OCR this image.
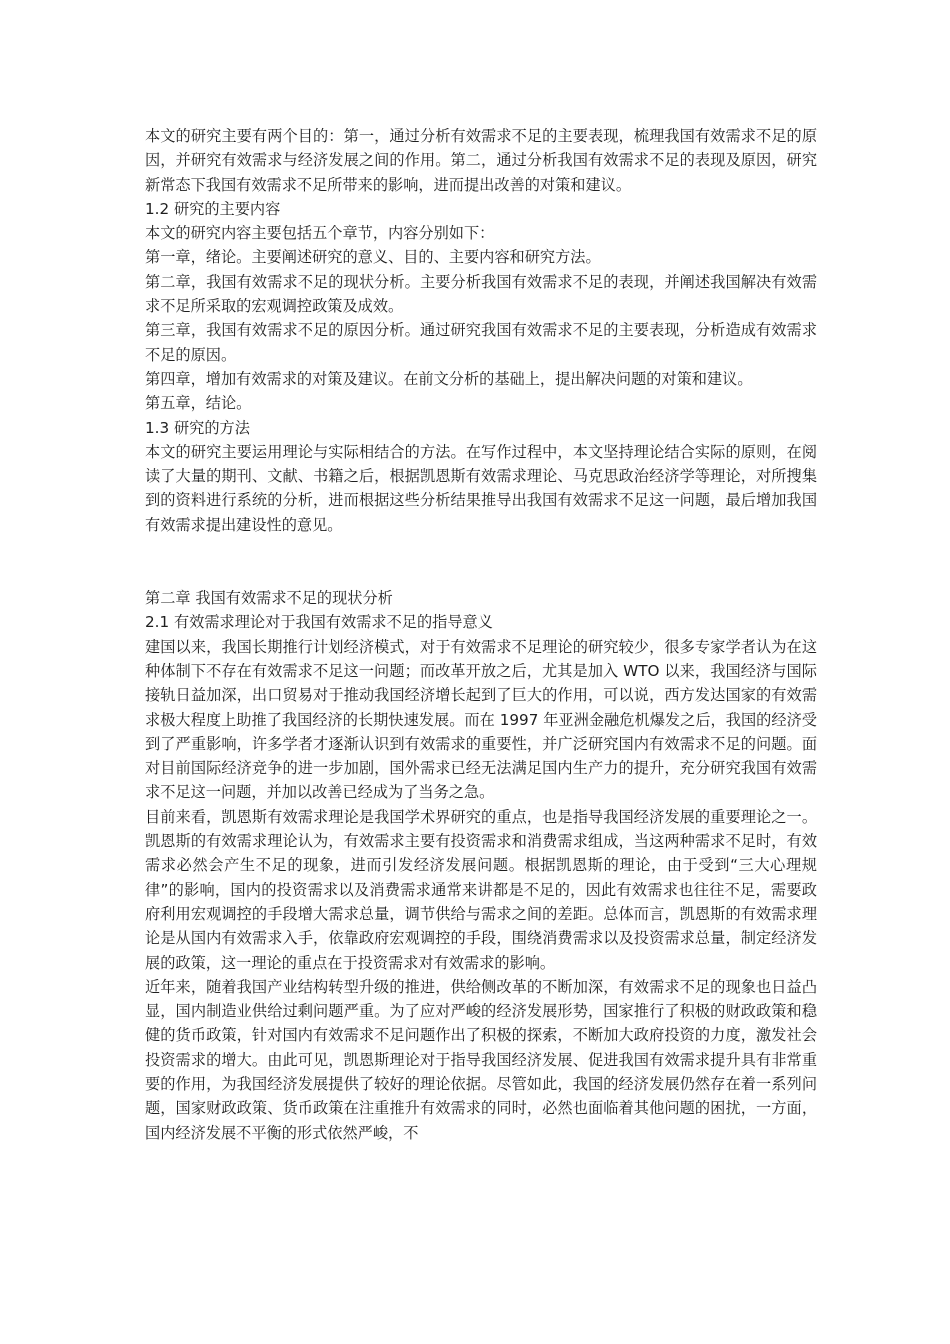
本文的研究主要有两个目的：第一，通过分析有效需求不足的主要表现，梳理我国有效需求不足的原因，并研究有效需求与经济发展之间的作用。第二，通过分析我国有效需求不足的表现及原因，研究新常态下我国有效需求不足所带来的影响，进而提出改善的对策和建议。

1.2 研究的主要内容

本文的研究内容主要包括五个章节，内容分别如下：

第一章，绪论。主要阐述研究的意义、目的、主要内容和研究方法。

第二章，我国有效需求不足的现状分析。主要分析我国有效需求不足的表现，并阐述我国解决有效需求不足所采取的宏观调控政策及成效。

第三章，我国有效需求不足的原因分析。通过研究我国有效需求不足的主要表现，分析造成有效需求不足的原因。

第四章，增加有效需求的对策及建议。在前文分析的基础上，提出解决问题的对策和建议。

第五章，结论。

1.3 研究的方法

本文的研究主要运用理论与实际相结合的方法。在写作过程中，本文坚持理论结合实际的原则，在阅读了大量的期刊、文献、书籍之后，根据凯恩斯有效需求理论、马克思政治经济学等理论，对所搜集到的资料进行系统的分析，进而根据这些分析结果推导出我国有效需求不足这一问题，最后增加我国有效需求提出建设性的意见。

第二章 我国有效需求不足的现状分析
2.1 有效需求理论对于我国有效需求不足的指导意义

建国以来，我国长期推行计划经济模式，对于有效需求不足理论的研究较少，很多专家学者认为在这种体制下不存在有效需求不足这一问题；而改革开放之后，尤其是加入 WTO 以来，我国经济与国际接轨日益加深，出口贸易对于推动我国经济增长起到了巨大的作用，可以说，西方发达国家的有效需求极大程度上助推了我国经济的长期快速发展。而在 1997 年亚洲金融危机爆发之后，我国的经济受到了严重影响，许多学者才逐渐认识到有效需求的重要性，并广泛研究国内有效需求不足的问题。面对目前国际经济竞争的进一步加剧，国外需求已经无法满足国内生产力的提升，充分研究我国有效需求不足这一问题，并加以改善已经成为了当务之急。

目前来看，凯恩斯有效需求理论是我国学术界研究的重点，也是指导我国经济发展的重要理论之一。凯恩斯的有效需求理论认为，有效需求主要有投资需求和消费需求组成，当这两种需求不足时，有效需求必然会产生不足的现象，进而引发经济发展问题。根据凯恩斯的理论，由于受到“三大心理规律”的影响，国内的投资需求以及消费需求通常来讲都是不足的，因此有效需求也往往不足，需要政府利用宏观调控的手段增大需求总量，调节供给与需求之间的差距。总体而言，凯恩斯的有效需求理论是从国内有效需求入手，依靠政府宏观调控的手段，围绕消费需求以及投资需求总量，制定经济发展的政策，这一理论的重点在于投资需求对有效需求的影响。

近年来，随着我国产业结构转型升级的推进，供给侧改革的不断加深，有效需求不足的现象也日益凸显，国内制造业供给过剩问题严重。为了应对严峻的经济发展形势，国家推行了积极的财政政策和稳健的货币政策，针对国内有效需求不足问题作出了积极的探索，不断加大政府投资的力度，激发社会投资需求的增大。由此可见，凯恩斯理论对于指导我国经济发展、促进我国有效需求提升具有非常重要的作用，为我国经济发展提供了较好的理论依据。尽管如此，我国的经济发展仍然存在着一系列问题，国家财政政策、货币政策在注重推升有效需求的同时，必然也面临着其他问题的困扰，一方面，国内经济发展不平衡的形式依然严峻，不
